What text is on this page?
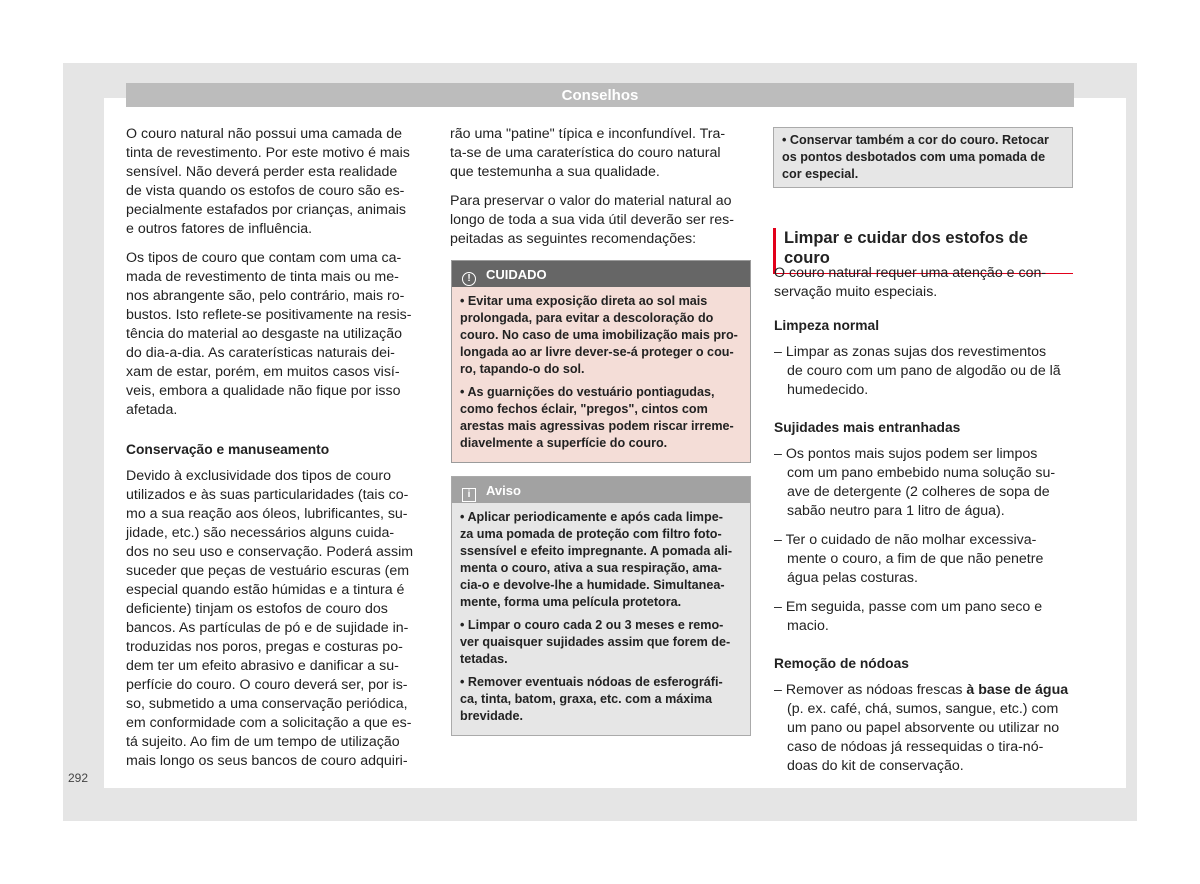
Conselhos

O couro natural não possui uma camada de
tinta de revestimento. Por este motivo é mais
sensível. Não deverá perder esta realidade
de vista quando os estofos de couro são es-
pecialmente estafados por crianças, animais
e outros fatores de influência.

Os tipos de couro que contam com uma ca-
mada de revestimento de tinta mais ou me-
nos abrangente são, pelo contrário, mais ro-
bustos. Isto reflete-se positivamente na resis-
tência do material ao desgaste na utilização
do dia-a-dia. As caraterísticas naturais dei-
xam de estar, porém, em muitos casos visí-
veis, embora a qualidade não fique por isso
afetada.

Conservação e manuseamento

Devido à exclusividade dos tipos de couro
utilizados e às suas particularidades (tais co-
mo a sua reação aos óleos, lubrificantes, su-
jidade, etc.) são necessários alguns cuida-
dos no seu uso e conservação. Poderá assim
suceder que peças de vestuário escuras (em
especial quando estão húmidas e a tintura é
deficiente) tinjam os estofos de couro dos
bancos. As partículas de pó e de sujidade in-
troduzidas nos poros, pregas e costuras po-
dem ter um efeito abrasivo e danificar a su-
perfície do couro. O couro deverá ser, por is-
so, submetido a uma conservação periódica,
em conformidade com a solicitação a que es-
tá sujeito. Ao fim de um tempo de utilização
mais longo os seus bancos de couro adquiri-

rão uma "patine" típica e inconfundível. Tra-
ta-se de uma caraterística do couro natural
que testemunha a sua qualidade.

Para preservar o valor do material natural ao
longo de toda a sua vida útil deverão ser res-
peitadas as seguintes recomendações:

! CUIDADO

• Evitar uma exposição direta ao sol mais
prolongada, para evitar a descoloração do
couro. No caso de uma imobilização mais pro-
longada ao ar livre dever-se-á proteger o cou-
ro, tapando-o do sol.

• As guarnições do vestuário pontiagudas,
como fechos éclair, "pregos", cintos com
arestas mais agressivas podem riscar irreme-
diavelmente a superfície do couro.

i Aviso

• Aplicar periodicamente e após cada limpe-
za uma pomada de proteção com filtro foto-
ssensível e efeito impregnante. A pomada ali-
menta o couro, ativa a sua respiração, ama-
cia-o e devolve-lhe a humidade. Simultanea-
mente, forma uma película protetora.

• Limpar o couro cada 2 ou 3 meses e remo-
ver quaisquer sujidades assim que forem de-
tetadas.

• Remover eventuais nódoas de esferográfi-
ca, tinta, batom, graxa, etc. com a máxima
brevidade.

• Conservar também a cor do couro. Retocar
os pontos desbotados com uma pomada de
cor especial.
Limpar e cuidar dos estofos de couro

O couro natural requer uma atenção e con-
servação muito especiais.

Limpeza normal

– Limpar as zonas sujas dos revestimentos
de couro com um pano de algodão ou de lã
humedecido.

Sujidades mais entranhadas

– Os pontos mais sujos podem ser limpos
com um pano embebido numa solução su-
ave de detergente (2 colheres de sopa de
sabão neutro para 1 litro de água).

– Ter o cuidado de não molhar excessiva-
mente o couro, a fim de que não penetre
água pelas costuras.

– Em seguida, passe com um pano seco e
macio.

Remoção de nódoas

– Remover as nódoas frescas à base de água
(p. ex. café, chá, sumos, sangue, etc.) com
um pano ou papel absorvente ou utilizar no
caso de nódoas já ressequidas o tira-nó-
doas do kit de conservação.

292
